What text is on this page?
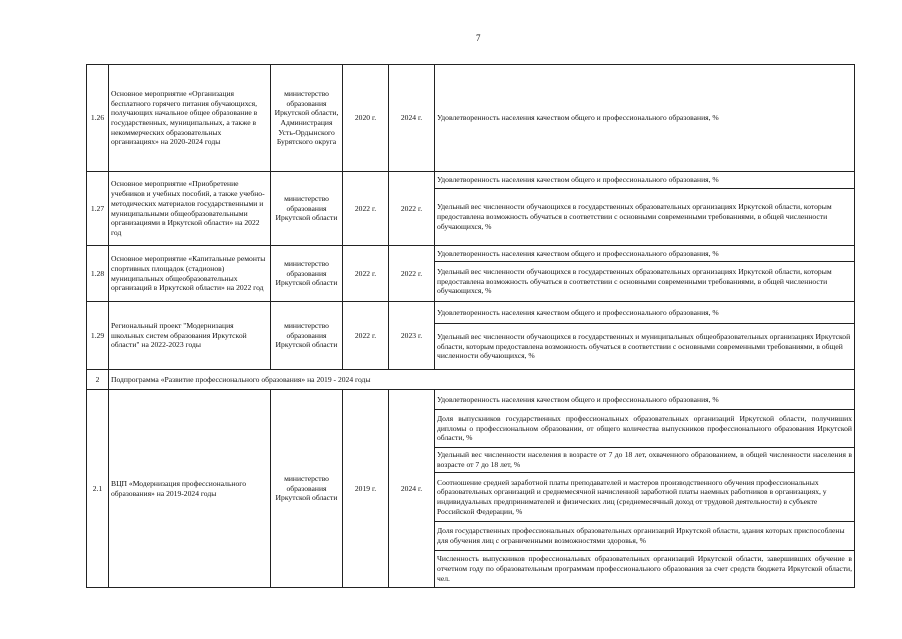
7
1.26	Основное мероприятие «Организация бесплатного горячего питания обучающихся, получающих начальное общее образование в государственных, муниципальных, а также в некоммерческих образовательных организациях» на 2020-2024 годы	министерство образования Иркутской области, Администрация Усть-Ордынского Бурятского округа	2020 г.	2024 г.	Удовлетворенность населения качеством общего и профессионального образования, %
1.27	Основное мероприятие «Приобретение учебников и учебных пособий, а также учебно-методических материалов государственными и муниципальными общеобразовательными организациями в Иркутской области» на 2022 год	министерство образования Иркутской области	2022 г.	2022 г.	Удовлетворенность населения качеством общего и профессионального образования, %
					Удельный вес численности обучающихся в государственных образовательных организациях Иркутской области, которым предоставлена возможность обучаться в соответствии с основными современными требованиями, в общей численности обучающихся, %
1.28	Основное мероприятие «Капитальные ремонты спортивных площадок (стадионов) муниципальных общеобразовательных организаций в Иркутской области» на 2022 год	министерство образования Иркутской области	2022 г.	2022 г.	Удовлетворенность населения качеством общего и профессионального образования, %
					Удельный вес численности обучающихся в государственных образовательных организациях Иркутской области, которым предоставлена возможность обучаться в соответствии с основными современными требованиями, в общей численности обучающихся, %
1.29	Региональный проект "Модернизация школьных систем образования Иркутской области" на 2022-2023 годы	министерство образования Иркутской области	2022 г.	2023 г.	Удовлетворенность населения качеством общего и профессионального образования, %
					Удельный вес численности обучающихся в государственных и муниципальных общеобразовательных организациях Иркутской области, которым предоставлена возможность обучаться в соответствии с основными современными требованиями, в общей численности обучающихся, %
2	Подпрограмма «Развитие профессионального образования» на 2019 - 2024 годы				
2.1	ВЦП «Модернизация профессионального образования» на 2019-2024 годы	министерство образования Иркутской области	2019 г.	2024 г.	Удовлетворенность населения качеством общего и профессионального образования, %
					Доля выпускников государственных профессиональных образовательных организаций Иркутской области, получивших дипломы о профессиональном образовании, от общего количества выпускников профессионального образования Иркутской области, %
					Удельный вес численности населения в возрасте от 7 до 18 лет, охваченного образованием, в общей численности населения в возрасте от 7 до 18 лет, %
					Соотношение средней заработной платы преподавателей и мастеров производственного обучения профессиональных образовательных организаций и среднемесячной начисленной заработной платы наемных работников в организациях, у индивидуальных предпринимателей и физических лиц (среднемесячный доход от трудовой деятельности) в субъекте Российской Федерации, %
					Доля государственных профессиональных образовательных организаций Иркутской области, здания которых приспособлены для обучения лиц с ограниченными возможностями здоровья, %
					Численность выпускников профессиональных образовательных организаций Иркутской области, завершивших обучение в отчетном году по образовательным программам профессионального образования за счет средств бюджета Иркутской области, чел.
